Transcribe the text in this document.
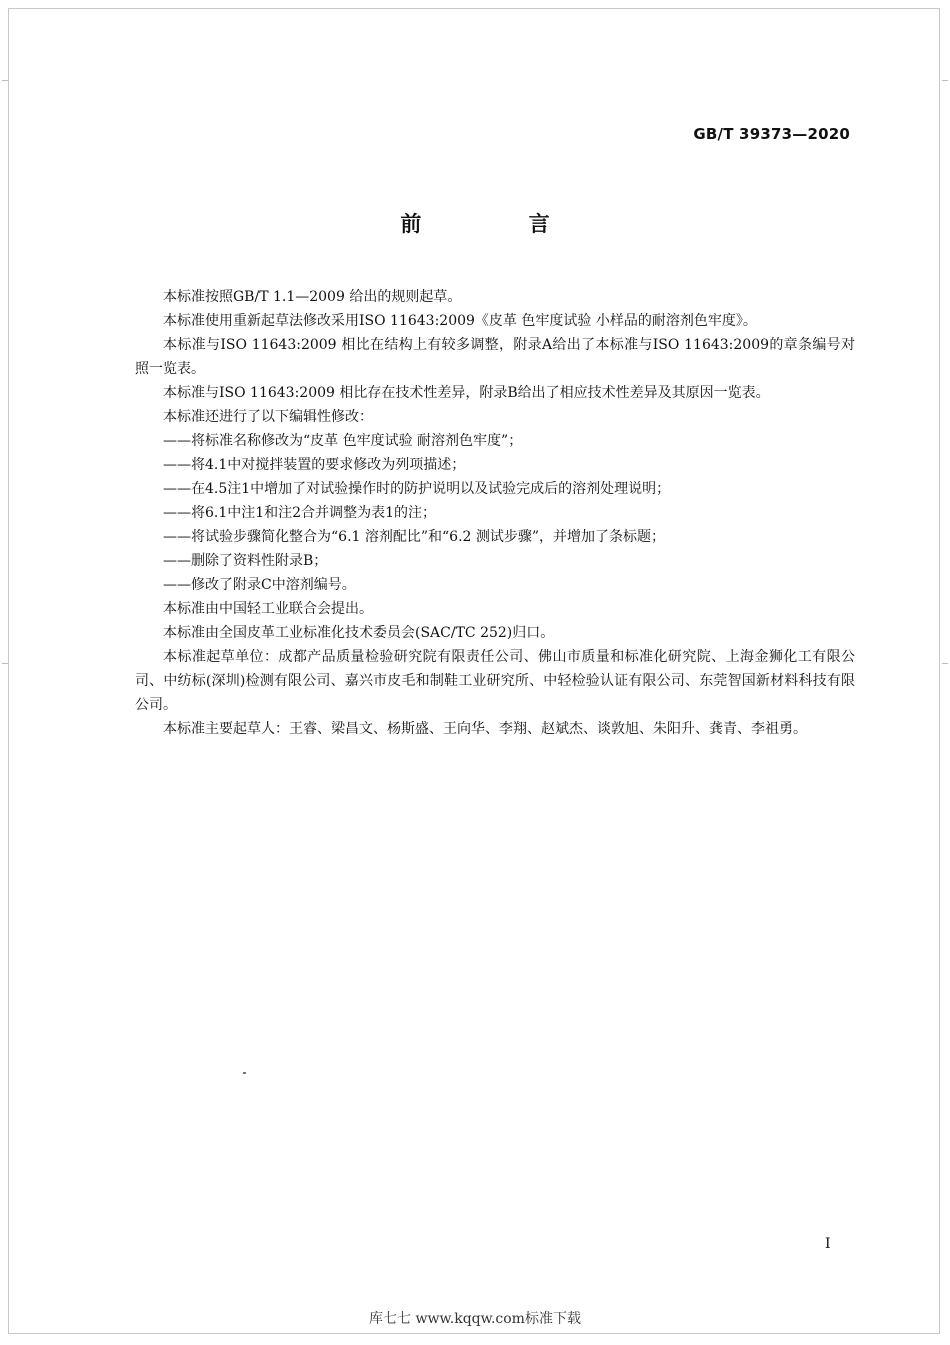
GB/T 39373—2020
前 言

本标准按照GB/T 1.1—2009 给出的规则起草。

本标准使用重新起草法修改采用ISO 11643:2009《皮革 色牢度试验 小样品的耐溶剂色牢度》。

本标准与ISO 11643:2009 相比在结构上有较多调整，附录A给出了本标准与ISO 11643:2009的章条编号对照一览表。

本标准与ISO 11643:2009 相比存在技术性差异，附录B给出了相应技术性差异及其原因一览表。

本标准还进行了以下编辑性修改：

——将标准名称修改为“皮革 色牢度试验 耐溶剂色牢度”；

——将4.1中对搅拌装置的要求修改为列项描述；

——在4.5注1中增加了对试验操作时的防护说明以及试验完成后的溶剂处理说明；

——将6.1中注1和注2合并调整为表1的注；

——将试验步骤简化整合为“6.1 溶剂配比”和“6.2 测试步骤”，并增加了条标题；

——删除了资料性附录B；

——修改了附录C中溶剂编号。

本标准由中国轻工业联合会提出。

本标准由全国皮革工业标准化技术委员会(SAC/TC 252)归口。

本标准起草单位：成都产品质量检验研究院有限责任公司、佛山市质量和标准化研究院、上海金狮化工有限公司、中纺标(深圳)检测有限公司、嘉兴市皮毛和制鞋工业研究所、中轻检验认证有限公司、东莞智国新材料科技有限公司。

本标准主要起草人：王睿、梁昌文、杨斯盛、王向华、李翔、赵斌杰、谈敦旭、朱阳升、龚青、李祖勇。

I
库七七 www.kqqw.com标准下载
